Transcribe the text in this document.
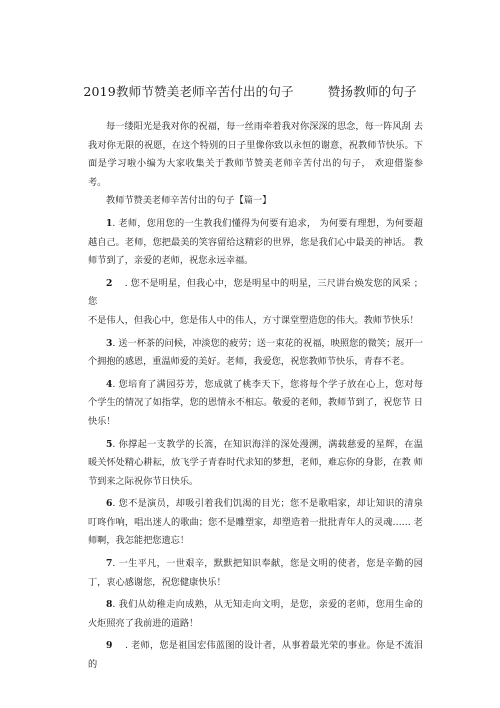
2019教师节赞美老师辛苦付出的句子	赞扬教师的句子

每一缕阳光是我对你的祝福，每一丝雨牵着我对你深深的思念，每一阵风刮 去我对你无限的祝愿，在这个特别的日子里像你致以永恒的谢意，祝教师节快乐。下面是学习啦小编为大家收集关于教师节赞美老师辛苦付出的句子， 欢迎借鉴参 考。

教师节赞美老师辛苦付出的句子【篇一】

1. 老师，您用您的一生教我们懂得为何要有追求， 为何要有理想，为何要超越自己。老师，您把最美的笑容留给这精彩的世界，您是我们心中最美的神话。 教师节到了，亲爱的老师，祝您永远幸福。

2 . 您不是明星，但我心中，您是明星中的明星，三尺讲台焕发您的风采 ；您

不是伟人，但我心中，您是伟人中的伟人，方寸课堂塑造您的伟大。教师节快乐！

3. 送一杯茶的问候，冲淡您的疲劳；送一束花的祝福，映照您的微笑；展开一个拥抱的感恩，重温师爱的美好。老师，我爱您，祝您教师节快乐，青春不老。

4. 您培育了满园芬芳，您成就了桃李天下，您将每个学子放在心上，您对每 个学生的情况了如指掌，您的恩情永不相忘。敬爱的老师，教师节到了，祝您节 日快乐！

5. 你撑起一支教学的长篙，在知识海洋的深处漫溯，满载慈爱的星辉，在温 暖关怀处精心耕耘，放飞学子青春时代求知的梦想，老师，难忘你的身影，在教 师节到来之际祝你节日快乐。

6. 您不是演员，却吸引着我们饥渴的目光；您不是歌唱家，却让知识的清泉 叮咚作响，唱出迷人的歌曲；您不是雕塑家，却塑造着一批批青年人的灵魂…… 老师啊，我怎能把您遗忘！

7. 一生平凡，一世艰辛，默默把知识奉献，您是文明的使者，您是辛勤的园 丁，衷心感谢您，祝您健康快乐！

8. 我们从幼稚走向成熟，从无知走向文明，是您，亲爱的老师，您用生命的 火炬照亮了我前进的道路！

9 . 老师，您是祖国宏伟蓝图的设计者，从事着最光荣的事业。你是不流泪的
